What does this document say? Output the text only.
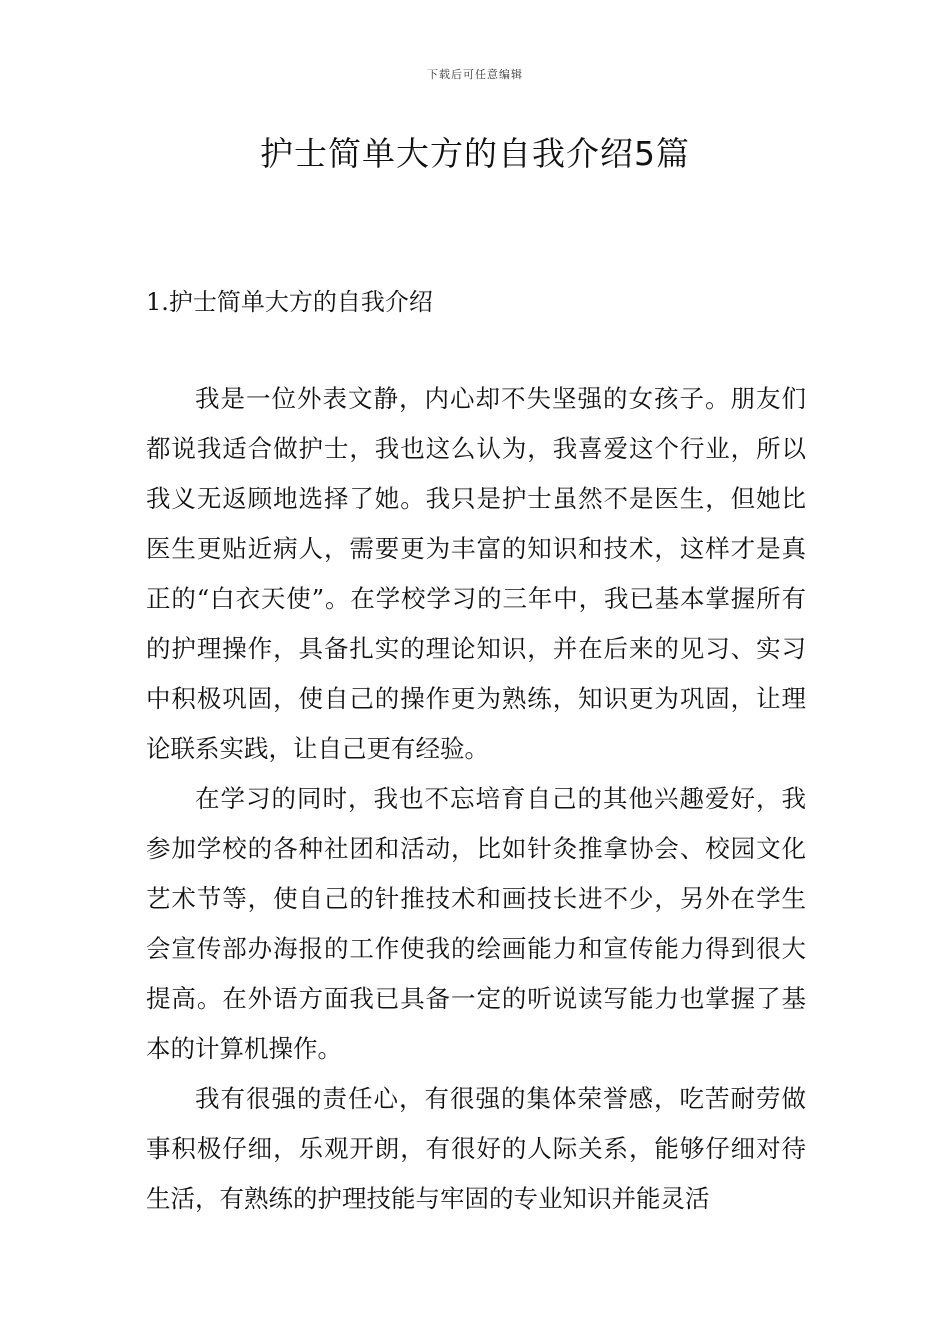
下载后可任意编辑
护士简单大方的自我介绍5篇
1.护士简单大方的自我介绍

我是一位外表文静，内心却不失坚强的女孩子。朋友们都说我适合做护士，我也这么认为，我喜爱这个行业，所以我义无返顾地选择了她。我只是护士虽然不是医生，但她比医生更贴近病人，需要更为丰富的知识和技术，这样才是真正的“白衣天使”。在学校学习的三年中，我已基本掌握所有的护理操作，具备扎实的理论知识，并在后来的见习、实习中积极巩固，使自己的操作更为熟练，知识更为巩固，让理论联系实践，让自己更有经验。

在学习的同时，我也不忘培育自己的其他兴趣爱好，我参加学校的各种社团和活动，比如针灸推拿协会、校园文化艺术节等，使自己的针推技术和画技长进不少，另外在学生会宣传部办海报的工作使我的绘画能力和宣传能力得到很大提高。在外语方面我已具备一定的听说读写能力也掌握了基本的计算机操作。

我有很强的责任心，有很强的集体荣誉感，吃苦耐劳做事积极仔细，乐观开朗，有很好的人际关系，能够仔细对待生活，有熟练的护理技能与牢固的专业知识并能灵活
